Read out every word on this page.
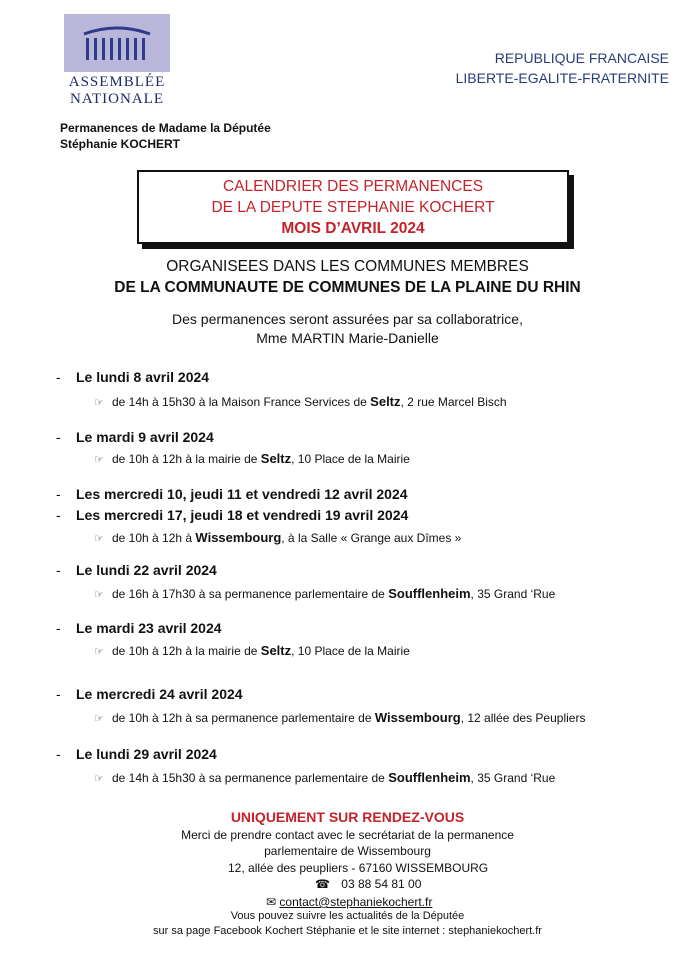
ASSEMBLÉE
NATIONALE
REPUBLIQUE FRANCAISE
LIBERTE-EGALITE-FRATERNITE
Permanences de Madame la Députée
Stéphanie KOCHERT
CALENDRIER DES PERMANENCES
DE LA DEPUTE STEPHANIE KOCHERT
MOIS D’AVRIL 2024
ORGANISEES DANS LES COMMUNES MEMBRES
DE LA COMMUNAUTE DE COMMUNES DE LA PLAINE DU RHIN
Des permanences seront assurées par sa collaboratrice,
Mme MARTIN Marie-Danielle
- Le lundi 8 avril 2024
☞ de 14h à 15h30 à la Maison France Services de Seltz, 2 rue Marcel Bisch
- Le mardi 9 avril 2024
☞ de 10h à 12h à la mairie de Seltz, 10 Place de la Mairie
- Les mercredi 10, jeudi 11 et vendredi 12 avril 2024
- Les mercredi 17, jeudi 18 et vendredi 19 avril 2024
☞ de 10h à 12h à Wissembourg, à la Salle « Grange aux Dîmes »
- Le lundi 22 avril 2024
☞ de 16h à 17h30 à sa permanence parlementaire de Soufflenheim, 35 Grand ‘Rue
- Le mardi 23 avril 2024
☞ de 10h à 12h à la mairie de Seltz, 10 Place de la Mairie
- Le mercredi 24 avril 2024
☞ de 10h à 12h à sa permanence parlementaire de Wissembourg, 12 allée des Peupliers
- Le lundi 29 avril 2024
☞ de 14h à 15h30 à sa permanence parlementaire de Soufflenheim, 35 Grand ‘Rue
UNIQUEMENT SUR RENDEZ-VOUS
Merci de prendre contact avec le secrétariat de la permanence
parlementaire de Wissembourg
12, allée des peupliers - 67160 WISSEMBOURG
☎ 03 88 54 81 00
✉ contact@stephaniekochert.fr
Vous pouvez suivre les actualités de la Députée
sur sa page Facebook Kochert Stéphanie et le site internet : stephaniekochert.fr
